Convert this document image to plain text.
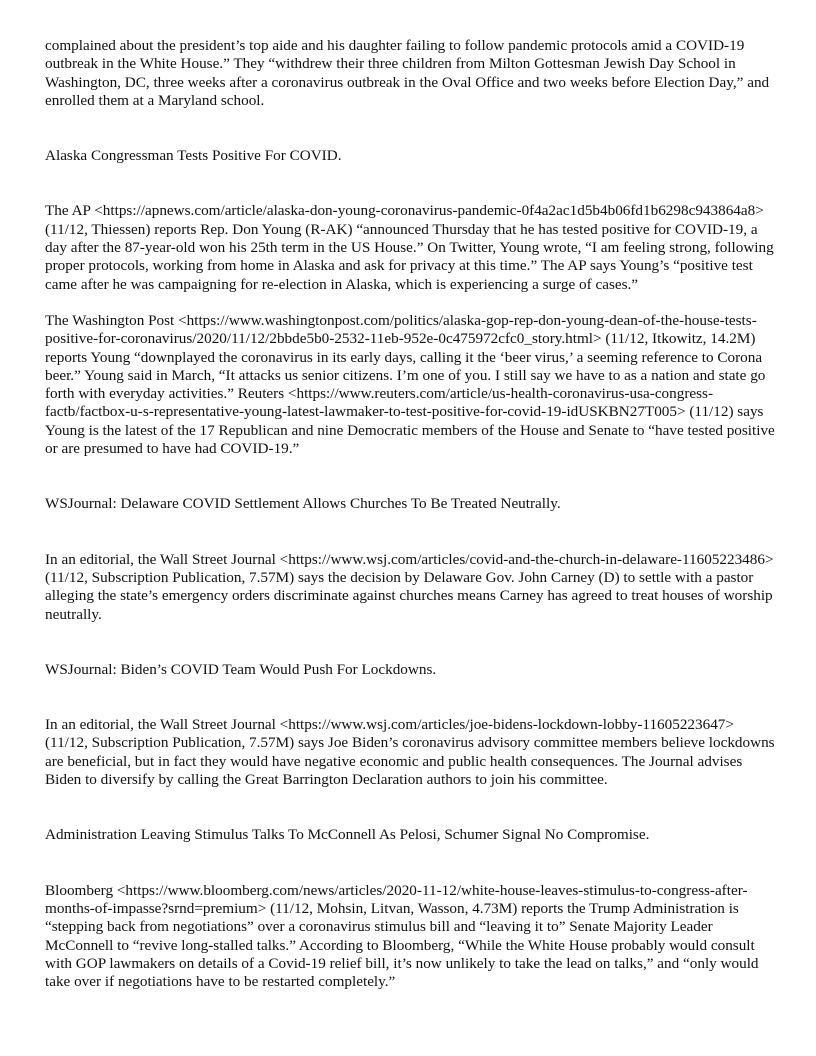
complained about the president’s top aide and his daughter failing to follow pandemic protocols amid a COVID-19 outbreak in the White House.” They “withdrew their three children from Milton Gottesman Jewish Day School in Washington, DC, three weeks after a coronavirus outbreak in the Oval Office and two weeks before Election Day,” and enrolled them at a Maryland school.

Alaska Congressman Tests Positive For COVID.

The AP <https://apnews.com/article/alaska-don-young-coronavirus-pandemic-0f4a2ac1d5b4b06fd1b6298c943864a8> (11/12, Thiessen) reports Rep. Don Young (R-AK) “announced Thursday that he has tested positive for COVID-19, a day after the 87-year-old won his 25th term in the US House.” On Twitter, Young wrote, “I am feeling strong, following proper protocols, working from home in Alaska and ask for privacy at this time.” The AP says Young’s “positive test came after he was campaigning for re-election in Alaska, which is experiencing a surge of cases.”

The Washington Post <https://www.washingtonpost.com/politics/alaska-gop-rep-don-young-dean-of-the-house-tests-positive-for-coronavirus/2020/11/12/2bbde5b0-2532-11eb-952e-0c475972cfc0_story.html> (11/12, Itkowitz, 14.2M) reports Young “downplayed the coronavirus in its early days, calling it the ‘beer virus,’ a seeming reference to Corona beer.” Young said in March, “It attacks us senior citizens. I’m one of you. I still say we have to as a nation and state go forth with everyday activities.” Reuters <https://www.reuters.com/article/us-health-coronavirus-usa-congress-factb/factbox-u-s-representative-young-latest-lawmaker-to-test-positive-for-covid-19-idUSKBN27T005> (11/12) says Young is the latest of the 17 Republican and nine Democratic members of the House and Senate to “have tested positive or are presumed to have had COVID-19.”

WSJournal: Delaware COVID Settlement Allows Churches To Be Treated Neutrally.

In an editorial, the Wall Street Journal <https://www.wsj.com/articles/covid-and-the-church-in-delaware-11605223486> (11/12, Subscription Publication, 7.57M) says the decision by Delaware Gov. John Carney (D) to settle with a pastor alleging the state’s emergency orders discriminate against churches means Carney has agreed to treat houses of worship neutrally.

WSJournal: Biden’s COVID Team Would Push For Lockdowns.

In an editorial, the Wall Street Journal <https://www.wsj.com/articles/joe-bidens-lockdown-lobby-11605223647> (11/12, Subscription Publication, 7.57M) says Joe Biden’s coronavirus advisory committee members believe lockdowns are beneficial, but in fact they would have negative economic and public health consequences. The Journal advises Biden to diversify by calling the Great Barrington Declaration authors to join his committee.

Administration Leaving Stimulus Talks To McConnell As Pelosi, Schumer Signal No Compromise.

Bloomberg <https://www.bloomberg.com/news/articles/2020-11-12/white-house-leaves-stimulus-to-congress-after-months-of-impasse?srnd=premium> (11/12, Mohsin, Litvan, Wasson, 4.73M) reports the Trump Administration is “stepping back from negotiations” over a coronavirus stimulus bill and “leaving it to” Senate Majority Leader McConnell to “revive long-stalled talks.” According to Bloomberg, “While the White House probably would consult with GOP lawmakers on details of a Covid-19 relief bill, it’s now unlikely to take the lead on talks,” and “only would take over if negotiations have to be restarted completely.”
